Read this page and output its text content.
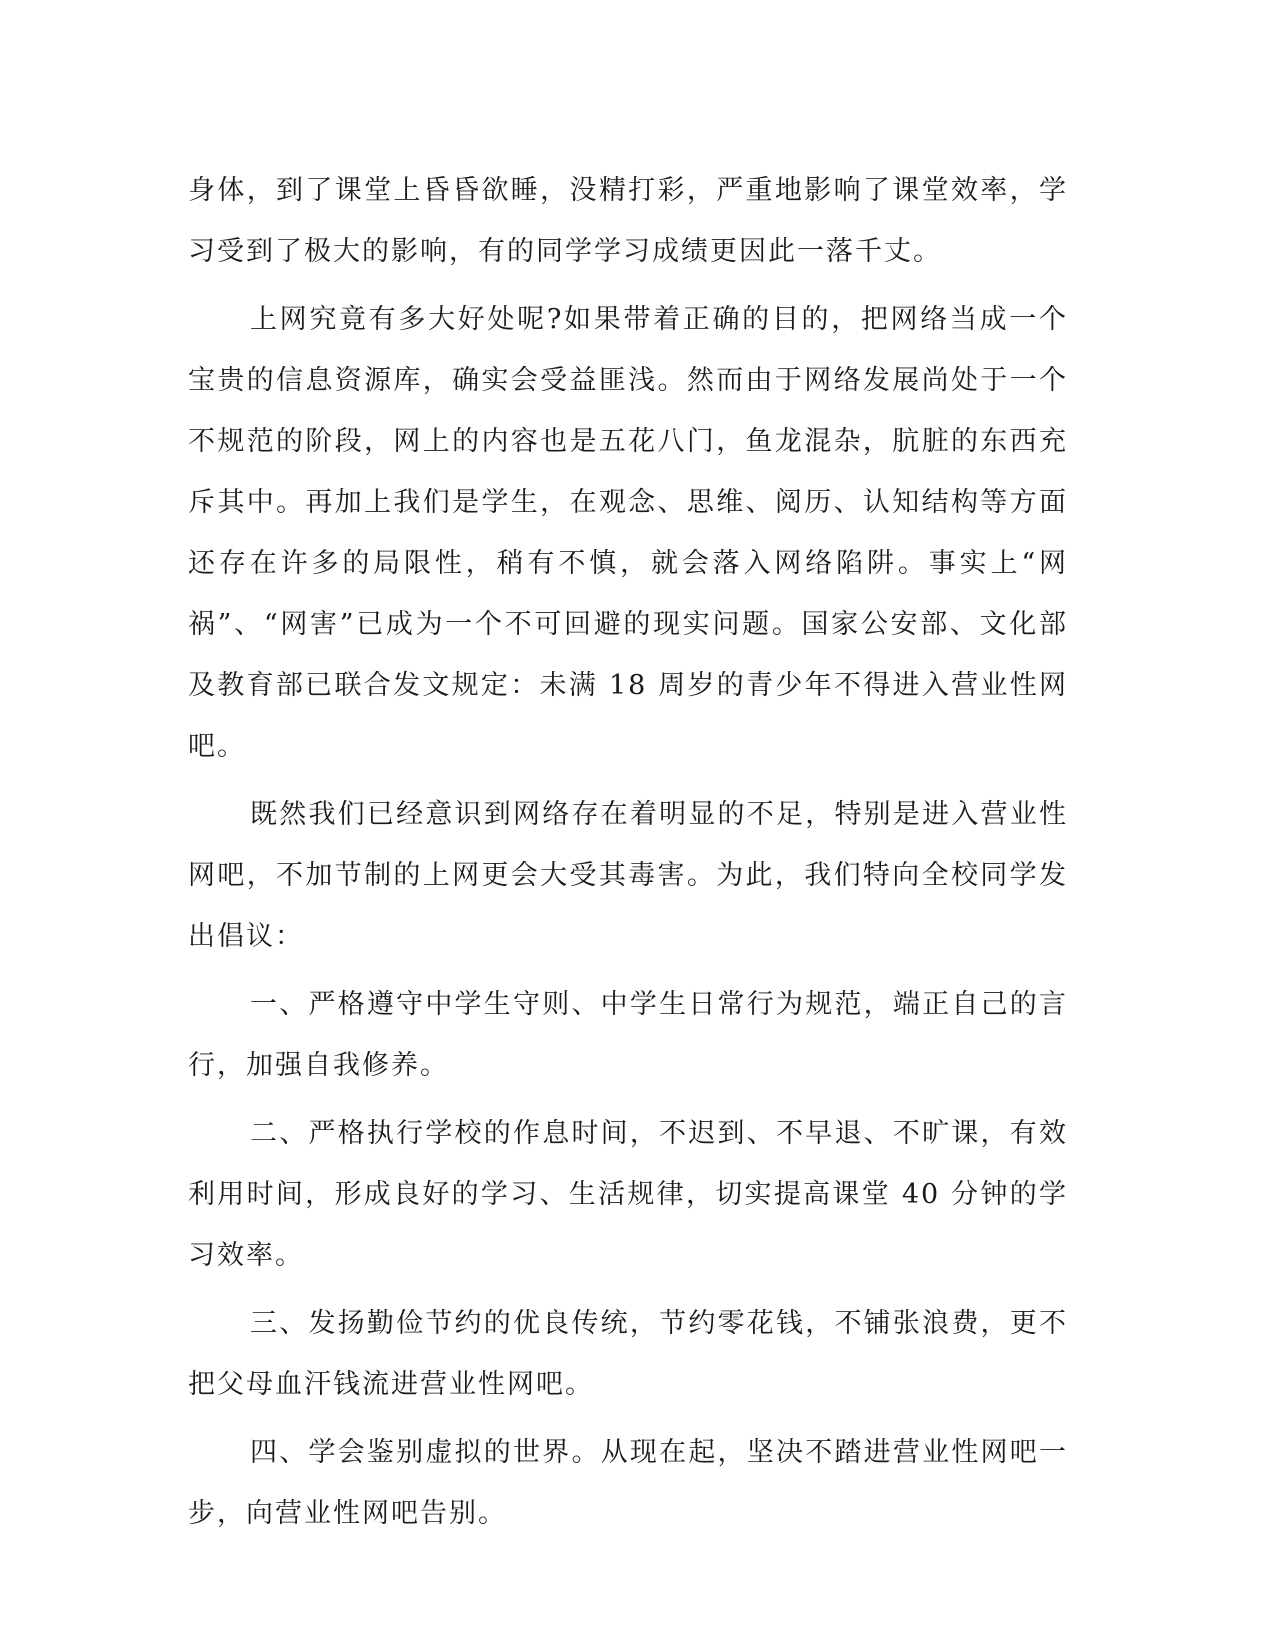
身体，到了课堂上昏昏欲睡，没精打彩，严重地影响了课堂效率，学习受到了极大的影响，有的同学学习成绩更因此一落千丈。

上网究竟有多大好处呢?如果带着正确的目的，把网络当成一个宝贵的信息资源库，确实会受益匪浅。然而由于网络发展尚处于一个不规范的阶段，网上的内容也是五花八门，鱼龙混杂，肮脏的东西充斥其中。再加上我们是学生，在观念、思维、阅历、认知结构等方面还存在许多的局限性，稍有不慎，就会落入网络陷阱。事实上“网祸”、“网害”已成为一个不可回避的现实问题。国家公安部、文化部及教育部已联合发文规定：未满 18 周岁的青少年不得进入营业性网吧。

既然我们已经意识到网络存在着明显的不足，特别是进入营业性网吧，不加节制的上网更会大受其毒害。为此，我们特向全校同学发出倡议：

一、严格遵守中学生守则、中学生日常行为规范，端正自己的言行，加强自我修养。

二、严格执行学校的作息时间，不迟到、不早退、不旷课，有效利用时间，形成良好的学习、生活规律，切实提高课堂 40 分钟的学习效率。

三、发扬勤俭节约的优良传统，节约零花钱，不铺张浪费，更不把父母血汗钱流进营业性网吧。

四、学会鉴别虚拟的世界。从现在起，坚决不踏进营业性网吧一步，向营业性网吧告别。
